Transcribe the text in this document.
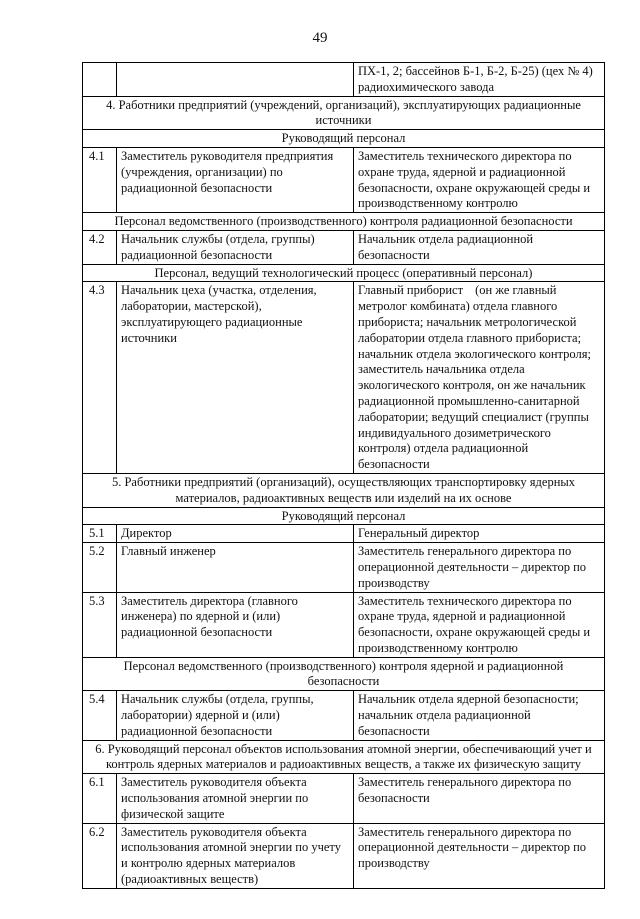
49
		ПХ-1, 2; бассейнов Б-1, Б-2, Б-25) (цех № 4) радиохимического завода
4. Работники предприятий (учреждений, организаций), эксплуатирующих радиационные источники		
Руководящий персонал		
4.1	Заместитель руководителя предприятия (учреждения, организации) по радиационной безопасности	Заместитель технического директора по охране труда, ядерной и радиационной безопасности, охране окружающей среды и производственному контролю
Персонал ведомственного (производственного) контроля радиационной безопасности		
4.2	Начальник службы (отдела, группы) радиационной безопасности	Начальник отдела радиационной безопасности
Персонал, ведущий технологический процесс (оперативный персонал)		
4.3	Начальник цеха (участка, отделения, лаборатории, мастерской), эксплуатирующего радиационные источники	Главный прибористﾠ(он же главный метролог комбината) отдела главного прибориста; начальник метрологической лаборатории отдела главного прибориста; начальник отдела экологического контроля; заместитель начальника отдела экологического контроля, он же начальник радиационной промышленно-санитарной лаборатории; ведущий специалист (группы индивидуального дозиметрического контроля) отдела радиационной безопасности
5. Работники предприятий (организаций), осуществляющих транспортировку ядерных материалов, радиоактивных веществ или изделий на их основе		
Руководящий персонал		
5.1	Директор	Генеральный директор
5.2	Главный инженер	Заместитель генерального директора по операционной деятельности – директор по производству
5.3	Заместитель директора (главного инженера) по ядерной и (или) радиационной безопасности	Заместитель технического директора по охране труда, ядерной и радиационной безопасности, охране окружающей среды и производственному контролю
Персонал ведомственного (производственного) контроля ядерной и радиационной безопасности		
5.4	Начальник службы (отдела, группы, лаборатории) ядерной и (или) радиационной безопасности	Начальник отдела ядерной безопасности; начальник отдела радиационной безопасности
6. Руководящий персонал объектов использования атомной энергии, обеспечивающий учет и контроль ядерных материалов и радиоактивных веществ, а также их физическую защиту		
6.1	Заместитель руководителя объекта использования атомной энергии по физической защите	Заместитель генерального директора по безопасности
6.2	Заместитель руководителя объекта использования атомной энергии по учету и контролю ядерных материалов (радиоактивных веществ)	Заместитель генерального директора по операционной деятельности – директор по производству
